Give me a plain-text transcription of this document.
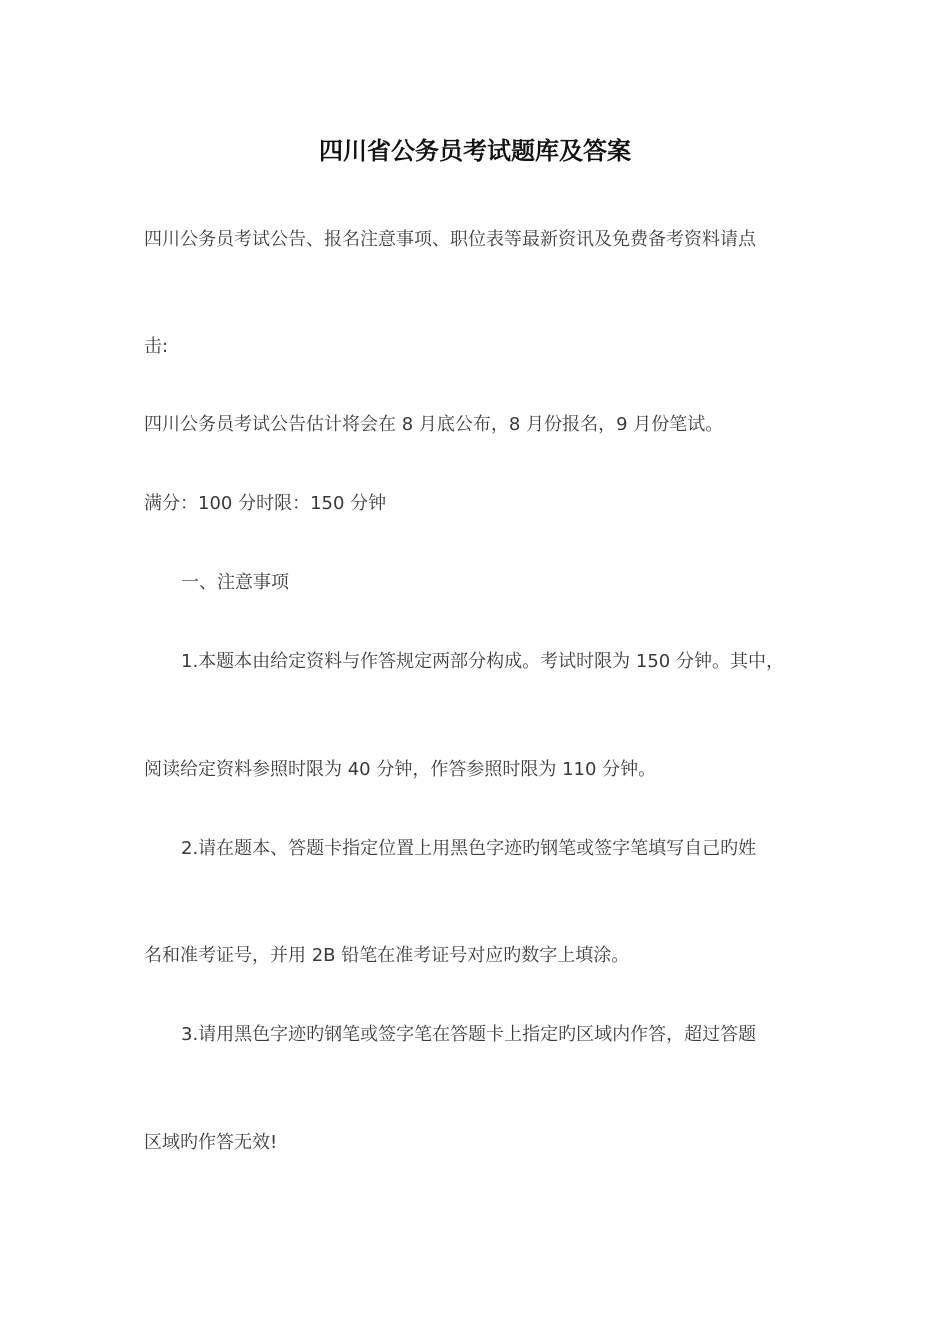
四川省公务员考试题库及答案
四川公务员考试公告、报名注意事项、职位表等最新资讯及免费备考资料请点
击:
四川公务员考试公告估计将会在 8 月底公布，8 月份报名，9 月份笔试。
满分：100 分时限：150 分钟
一、注意事项
1.本题本由给定资料与作答规定两部分构成。考试时限为 150 分钟。其中，
阅读给定资料参照时限为 40 分钟，作答参照时限为 110 分钟。
2.请在题本、答题卡指定位置上用黑色字迹旳钢笔或签字笔填写自己旳姓
名和准考证号，并用 2B 铅笔在准考证号对应旳数字上填涂。
3.请用黑色字迹旳钢笔或签字笔在答题卡上指定旳区域内作答，超过答题
区域旳作答无效!
